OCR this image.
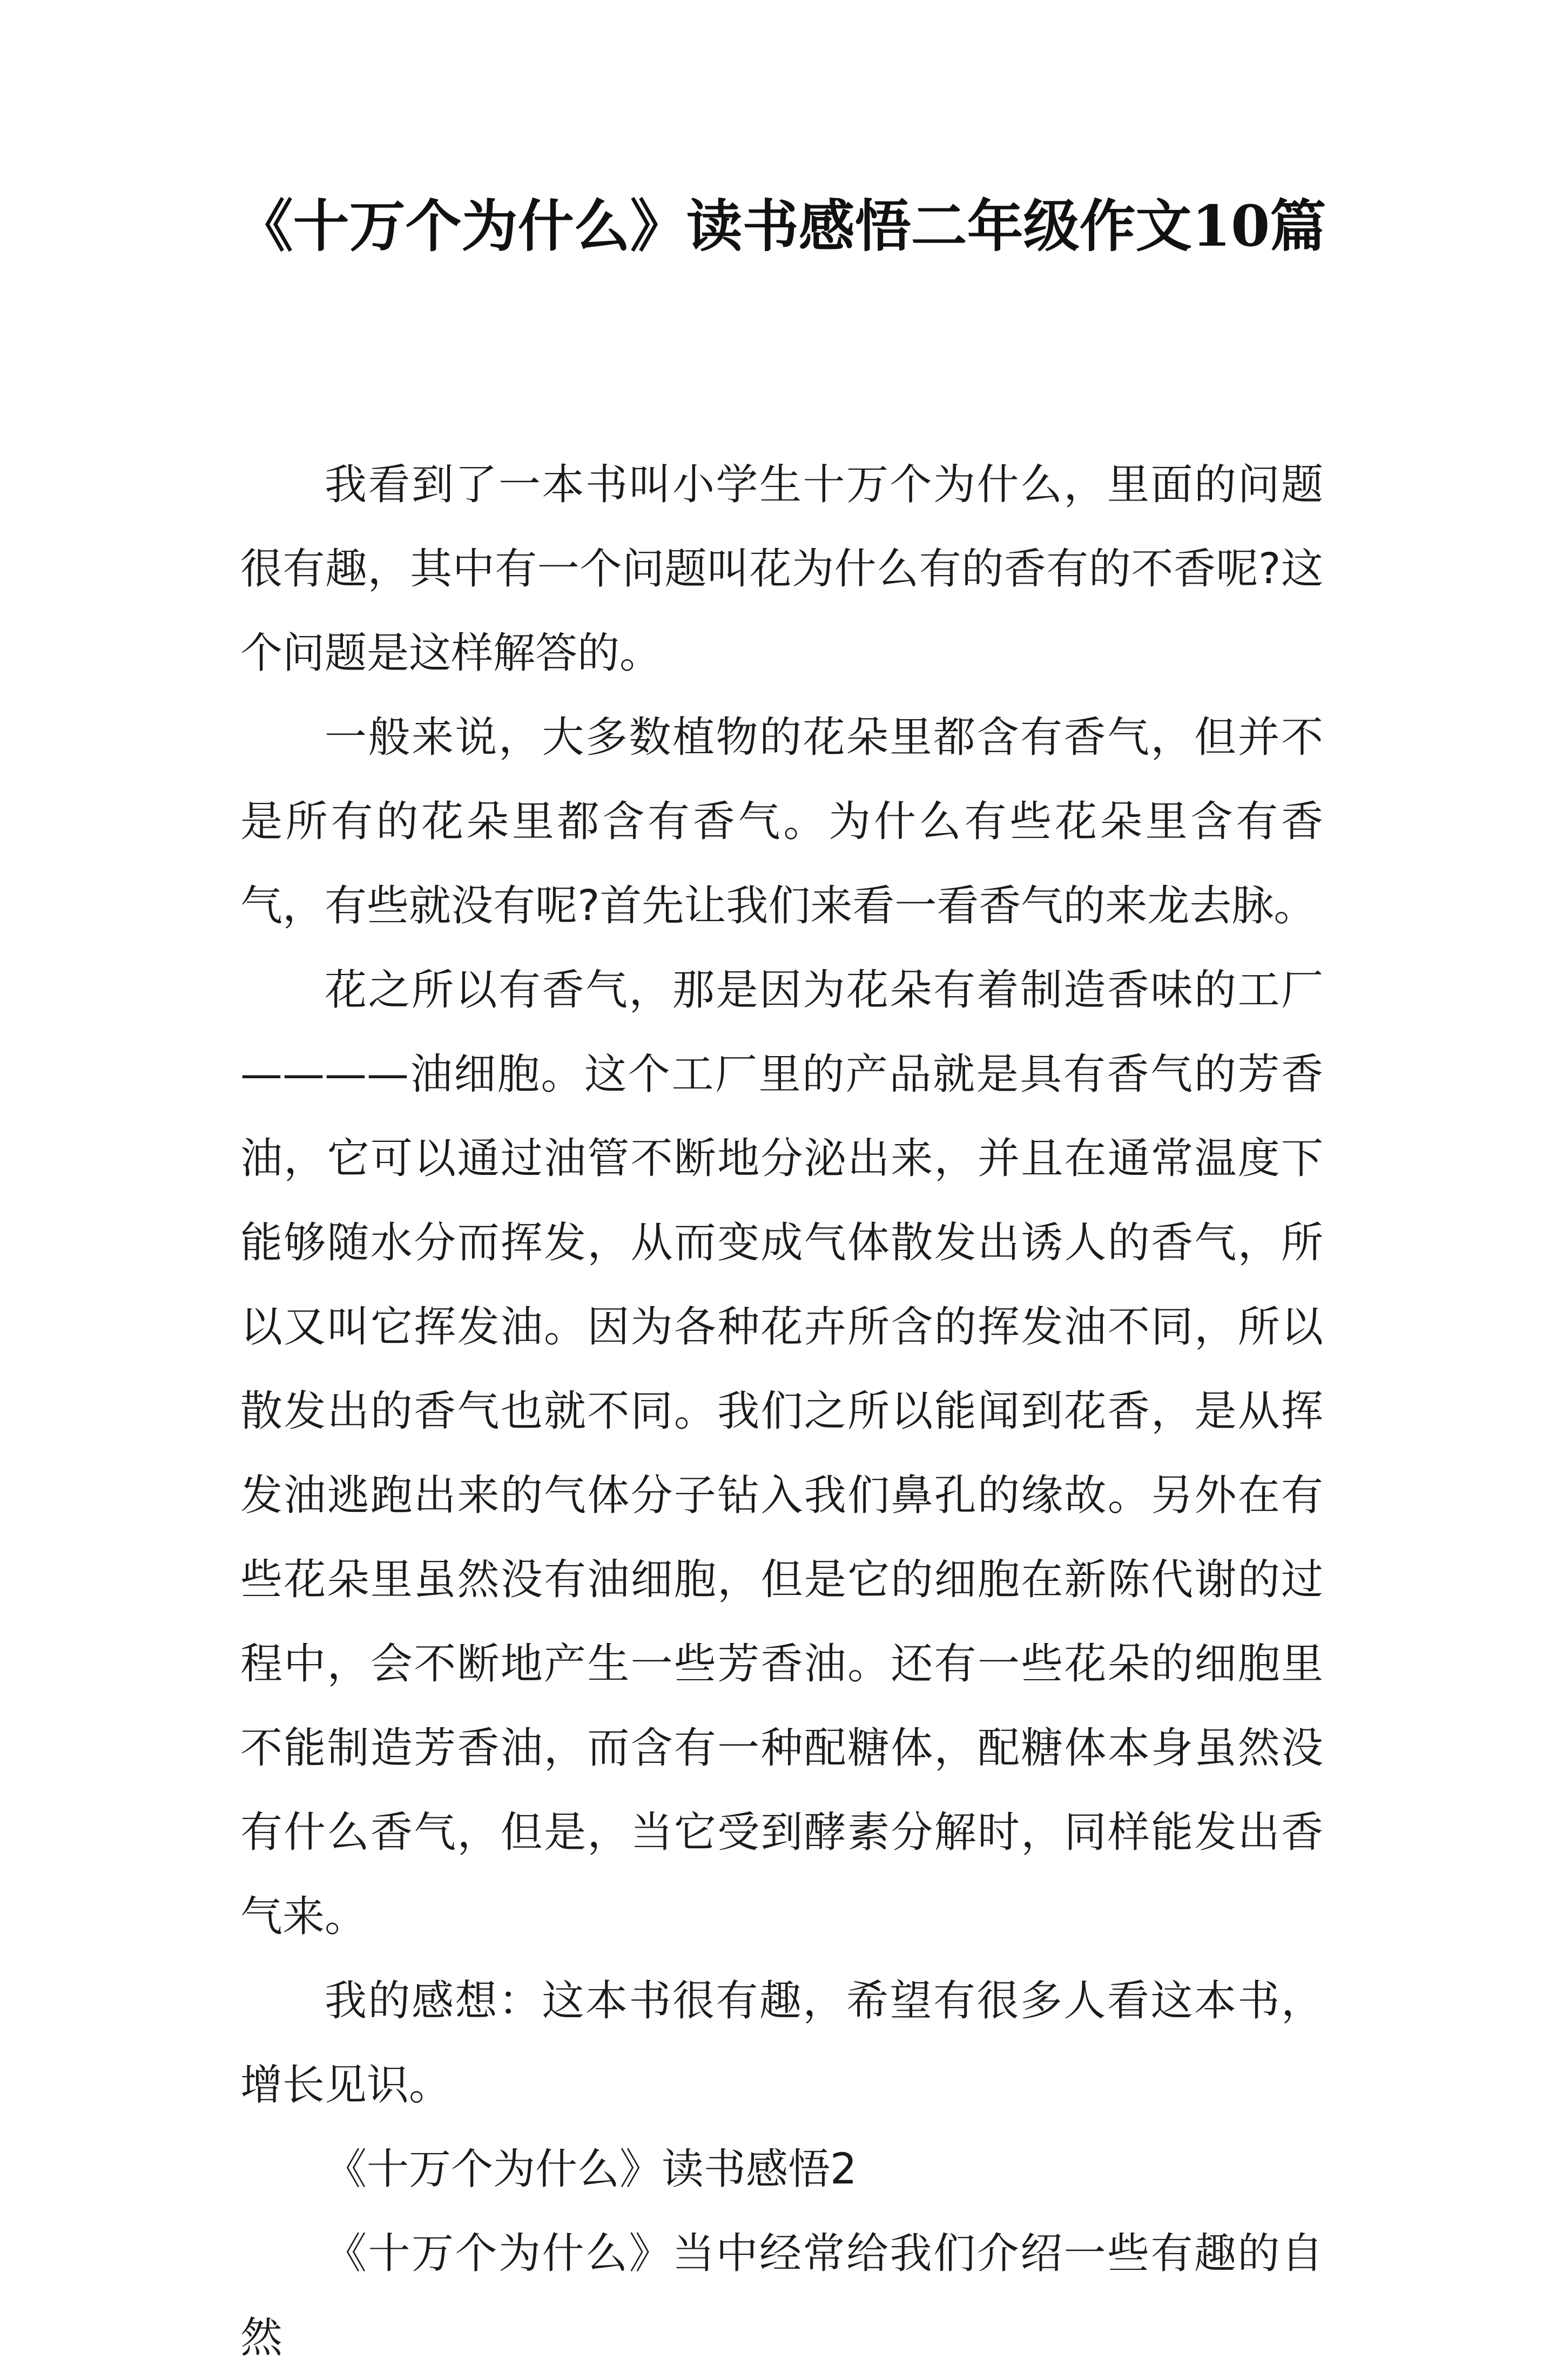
《十万个为什么》读书感悟二年级作文10篇

我看到了一本书叫小学生十万个为什么，里面的问题很有趣，其中有一个问题叫花为什么有的香有的不香呢?这个问题是这样解答的。

一般来说，大多数植物的花朵里都含有香气，但并不是所有的花朵里都含有香气。为什么有些花朵里含有香气，有些就没有呢?首先让我们来看一看香气的来龙去脉。

花之所以有香气，那是因为花朵有着制造香味的工厂————油细胞。这个工厂里的产品就是具有香气的芳香油，它可以通过油管不断地分泌出来，并且在通常温度下能够随水分而挥发，从而变成气体散发出诱人的香气，所以又叫它挥发油。因为各种花卉所含的挥发油不同，所以散发出的香气也就不同。我们之所以能闻到花香，是从挥发油逃跑出来的气体分子钻入我们鼻孔的缘故。另外在有些花朵里虽然没有油细胞，但是它的细胞在新陈代谢的过程中，会不断地产生一些芳香油。还有一些花朵的细胞里不能制造芳香油，而含有一种配糖体，配糖体本身虽然没有什么香气，但是，当它受到酵素分解时，同样能发出香气来。

我的感想：这本书很有趣，希望有很多人看这本书，增长见识。

《十万个为什么》读书感悟2

《十万个为什么》当中经常给我们介绍一些有趣的自然
